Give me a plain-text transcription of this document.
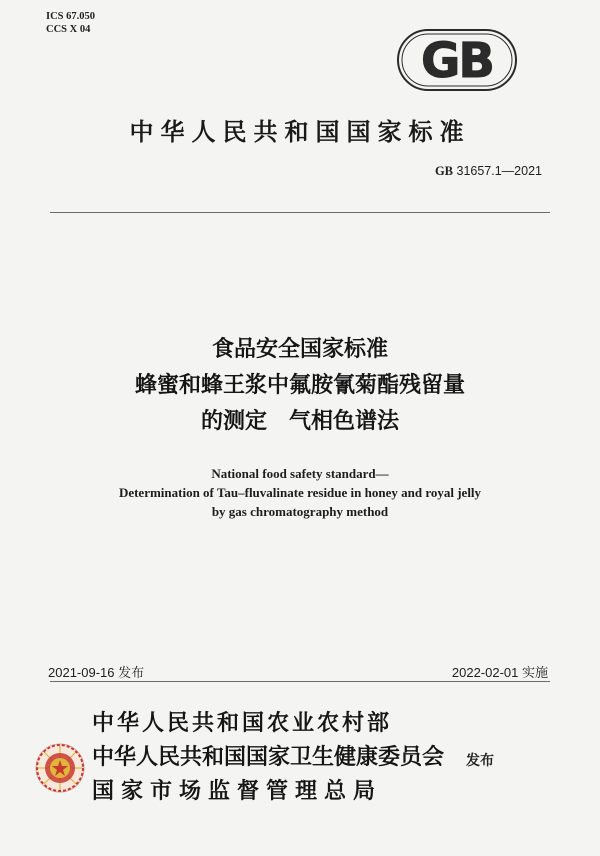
ICS 67.050
CCS X 04
GB
中华人民共和国国家标准
GB 31657.1—2021
食品安全国家标准
蜂蜜和蜂王浆中氟胺氰菊酯残留量
的测定　气相色谱法
National food safety standard—
Determination of Tau–fluvalinate residue in honey and royal jelly
by gas chromatography method
2021‑09‑16 发布	2022‑02‑01 实施
中华人民共和国农业农村部
中华人民共和国国家卫生健康委员会
国家市场监督管理总局
发布
